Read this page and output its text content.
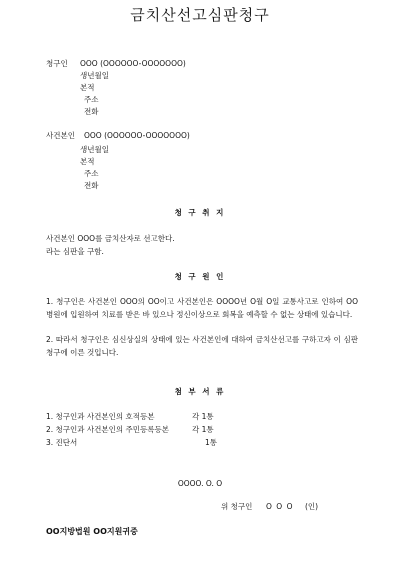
금치산선고심판청구
청구인 OOO (OOOOOO-OOOOOOO)
생년월일
본적
주소
전화
사건본인 OOO (OOOOOO-OOOOOOO)
생년월일
본적
주소
전화
청 구 취 지
사건본인 OOO를 금치산자로 선고한다.
라는 심판을 구함.
청 구 원 인
1. 청구인은 사건본인 OOO의 OO이고 사건본인은 OOOO년 O월 O일 교통사고로 인하여 OO병원에 입원하여 치료를 받은 바 있으나 정신이상으로 회복을 예측할 수 없는 상태에 있습니다.
2. 따라서 청구인은 심신상실의 상태에 있는 사건본인에 대하여 금치산선고를 구하고자 이 심판 청구에 이른 것입니다.
첨 부 서 류
1. 청구인과 사건본인의 호적등본	각 1통
2. 청구인과 사건본인의 주민등록등본	각 1통
3. 진단서	1통
OOOO. O. O
위 청구인 O O O (인)
OO지방법원 OO지원귀중
